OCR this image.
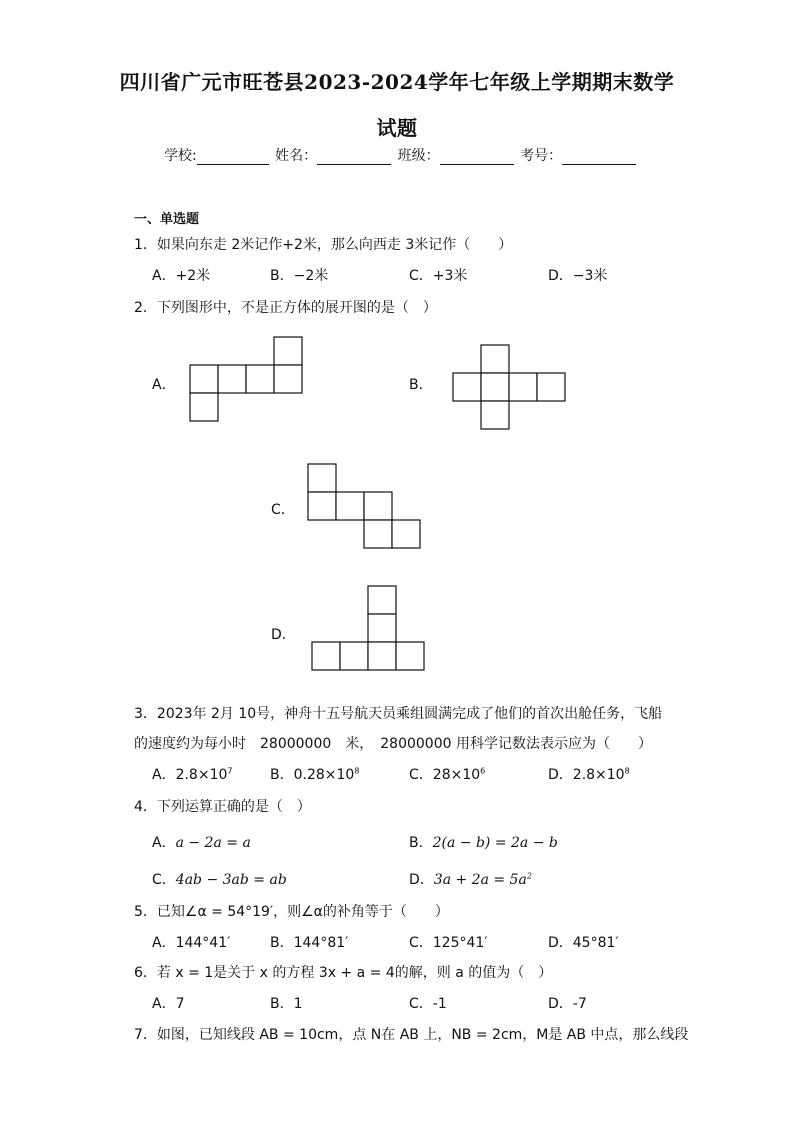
四川省广元市旺苍县2023-2024学年七年级上学期期末数学
试题
学校:	姓名：	班级：	考号：
一、单选题
1．如果向东走 2米记作+2米，那么向西走 3米记作（　　）
A．+2米	B．−2米	C．+3米	D．−3米
2．下列图形中，不是正方体的展开图的是（　）
A．	B．
C．
D．
3．2023年 2月 10号，神舟十五号航天员乘组圆满完成了他们的首次出舱任务，飞船
的速度约为每小时　28000000　米，　28000000 用科学记数法表示应为（　　）
A．$2.8\times 10^7$	B．$0.28\times 10^8$	C．$28\times 10^6$	D．$2.8\times 10^8$
4．下列运算正确的是（　）
A．a − 2a = a	B．2(a − b) = 2a − b
C．4ab − 3ab = ab	D．$3a + 2a = 5a^2$
5．已知∠α = 54°19′，则∠α的补角等于（　　）
A．144°41′	B．144°81′	C．125°41′	D．45°81′
6．若 x = 1是关于 x 的方程 3x + a = 4的解，则 a 的值为（　）
A．7	B．1	C．-1	D．-7
7．如图，已知线段 AB = 10cm，点 N在 AB 上，NB = 2cm，M是 AB 中点，那么线段
